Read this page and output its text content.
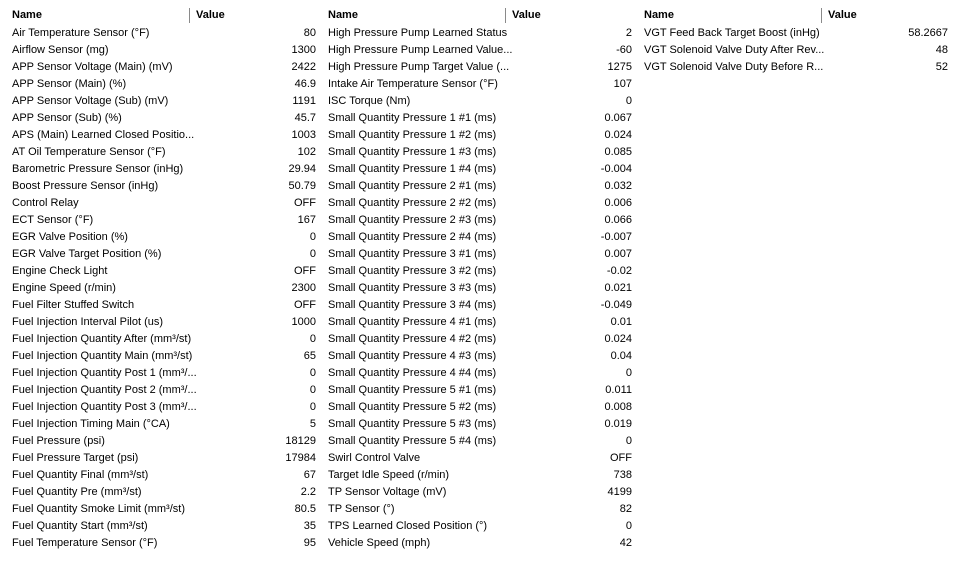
Name	Value
Air Temperature Sensor (°F)	80
Airflow Sensor (mg)	1300
APP Sensor Voltage (Main) (mV)	2422
APP Sensor (Main) (%)	46.9
APP Sensor Voltage (Sub) (mV)	1191
APP Sensor (Sub) (%)	45.7
APS (Main) Learned Closed Positio...	1003
AT Oil Temperature Sensor (°F)	102
Barometric Pressure Sensor (inHg)	29.94
Boost Pressure Sensor (inHg)	50.79
Control Relay	OFF
ECT Sensor (°F)	167
EGR Valve Position (%)	0
EGR Valve Target Position (%)	0
Engine Check Light	OFF
Engine Speed (r/min)	2300
Fuel Filter Stuffed Switch	OFF
Fuel Injection Interval Pilot (us)	1000
Fuel Injection Quantity After (mm³/st)	0
Fuel Injection Quantity Main (mm³/st)	65
Fuel Injection Quantity Post 1 (mm³/...	0
Fuel Injection Quantity Post 2 (mm³/...	0
Fuel Injection Quantity Post 3 (mm³/...	0
Fuel Injection Timing Main (°CA)	5
Fuel Pressure (psi)	18129
Fuel Pressure Target (psi)	17984
Fuel Quantity Final (mm³/st)	67
Fuel Quantity Pre (mm³/st)	2.2
Fuel Quantity Smoke Limit (mm³/st)	80.5
Fuel Quantity Start (mm³/st)	35
Fuel Temperature Sensor (°F)	95
Name	Value
High Pressure Pump Learned Status	2
High Pressure Pump Learned Value...	-60
High Pressure Pump Target Value (...	1275
Intake Air Temperature Sensor (°F)	107
ISC Torque (Nm)	0
Small Quantity Pressure 1 #1 (ms)	0.067
Small Quantity Pressure 1 #2 (ms)	0.024
Small Quantity Pressure 1 #3 (ms)	0.085
Small Quantity Pressure 1 #4 (ms)	-0.004
Small Quantity Pressure 2 #1 (ms)	0.032
Small Quantity Pressure 2 #2 (ms)	0.006
Small Quantity Pressure 2 #3 (ms)	0.066
Small Quantity Pressure 2 #4 (ms)	-0.007
Small Quantity Pressure 3 #1 (ms)	0.007
Small Quantity Pressure 3 #2 (ms)	-0.02
Small Quantity Pressure 3 #3 (ms)	0.021
Small Quantity Pressure 3 #4 (ms)	-0.049
Small Quantity Pressure 4 #1 (ms)	0.01
Small Quantity Pressure 4 #2 (ms)	0.024
Small Quantity Pressure 4 #3 (ms)	0.04
Small Quantity Pressure 4 #4 (ms)	0
Small Quantity Pressure 5 #1 (ms)	0.011
Small Quantity Pressure 5 #2 (ms)	0.008
Small Quantity Pressure 5 #3 (ms)	0.019
Small Quantity Pressure 5 #4 (ms)	0
Swirl Control Valve	OFF
Target Idle Speed (r/min)	738
TP Sensor Voltage (mV)	4199
TP Sensor (°)	82
TPS Learned Closed Position (°)	0
Vehicle Speed (mph)	42
Name	Value
VGT Feed Back Target Boost (inHg)	58.2667
VGT Solenoid Valve Duty After Rev...	48
VGT Solenoid Valve Duty Before R...	52
